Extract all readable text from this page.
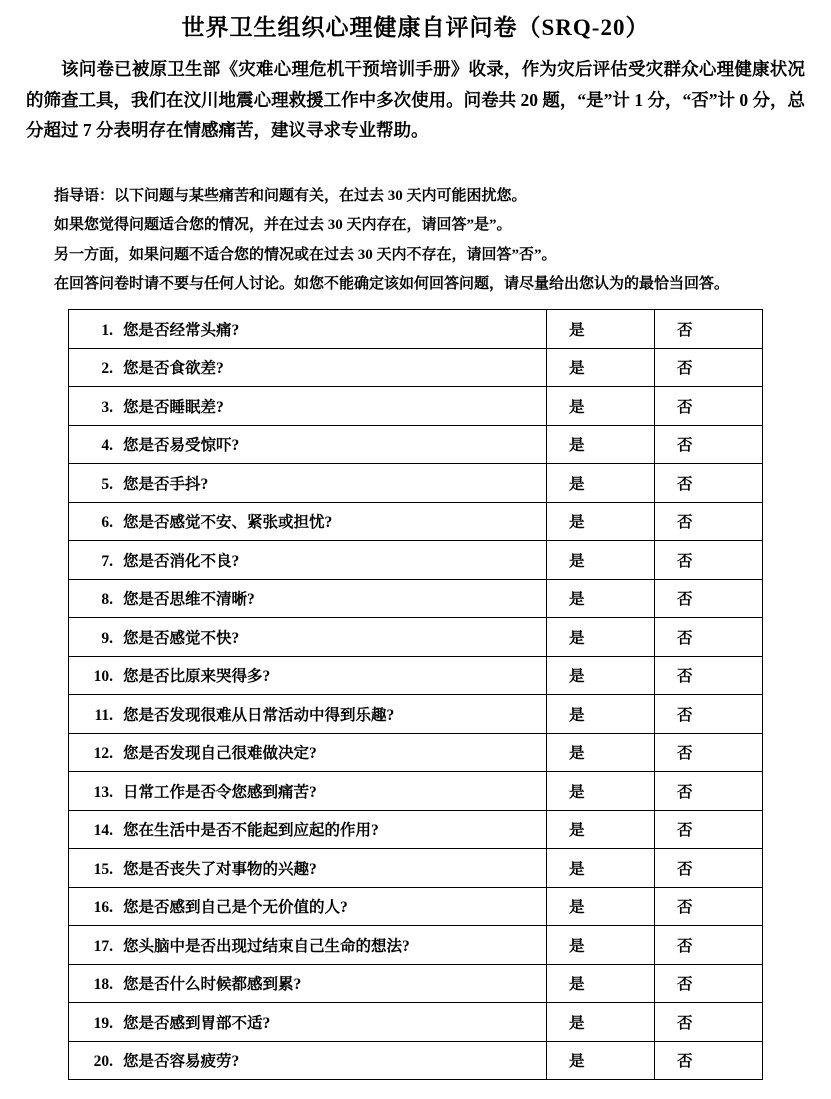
世界卫生组织心理健康自评问卷（SRQ-20）
该问卷已被原卫生部《灾难心理危机干预培训手册》收录，作为灾后评估受灾群众心理健康状况的筛查工具，我们在汶川地震心理救援工作中多次使用。问卷共 20 题，“是”计 1 分，“否”计 0 分，总分超过 7 分表明存在情感痛苦，建议寻求专业帮助。
指导语：以下问题与某些痛苦和问题有关，在过去 30 天内可能困扰您。
如果您觉得问题适合您的情况，并在过去 30 天内存在，请回答”是”。
另一方面，如果问题不适合您的情况或在过去 30 天内不存在，请回答”否”。
在回答问卷时请不要与任何人讨论。如您不能确定该如何回答问题，请尽量给出您认为的最恰当回答。
1. 您是否经常头痛?	是	否
2. 您是否食欲差?	是	否
3. 您是否睡眠差?	是	否
4. 您是否易受惊吓?	是	否
5. 您是否手抖?	是	否
6. 您是否感觉不安、紧张或担忧?	是	否
7. 您是否消化不良?	是	否
8. 您是否思维不清晰?	是	否
9. 您是否感觉不快?	是	否
10. 您是否比原来哭得多?	是	否
11. 您是否发现很难从日常活动中得到乐趣?	是	否
12. 您是否发现自己很难做决定?	是	否
13. 日常工作是否令您感到痛苦?	是	否
14. 您在生活中是否不能起到应起的作用?	是	否
15. 您是否丧失了对事物的兴趣?	是	否
16. 您是否感到自己是个无价值的人?	是	否
17. 您头脑中是否出现过结束自己生命的想法?	是	否
18. 您是否什么时候都感到累?	是	否
19. 您是否感到胃部不适?	是	否
20. 您是否容易疲劳?	是	否
